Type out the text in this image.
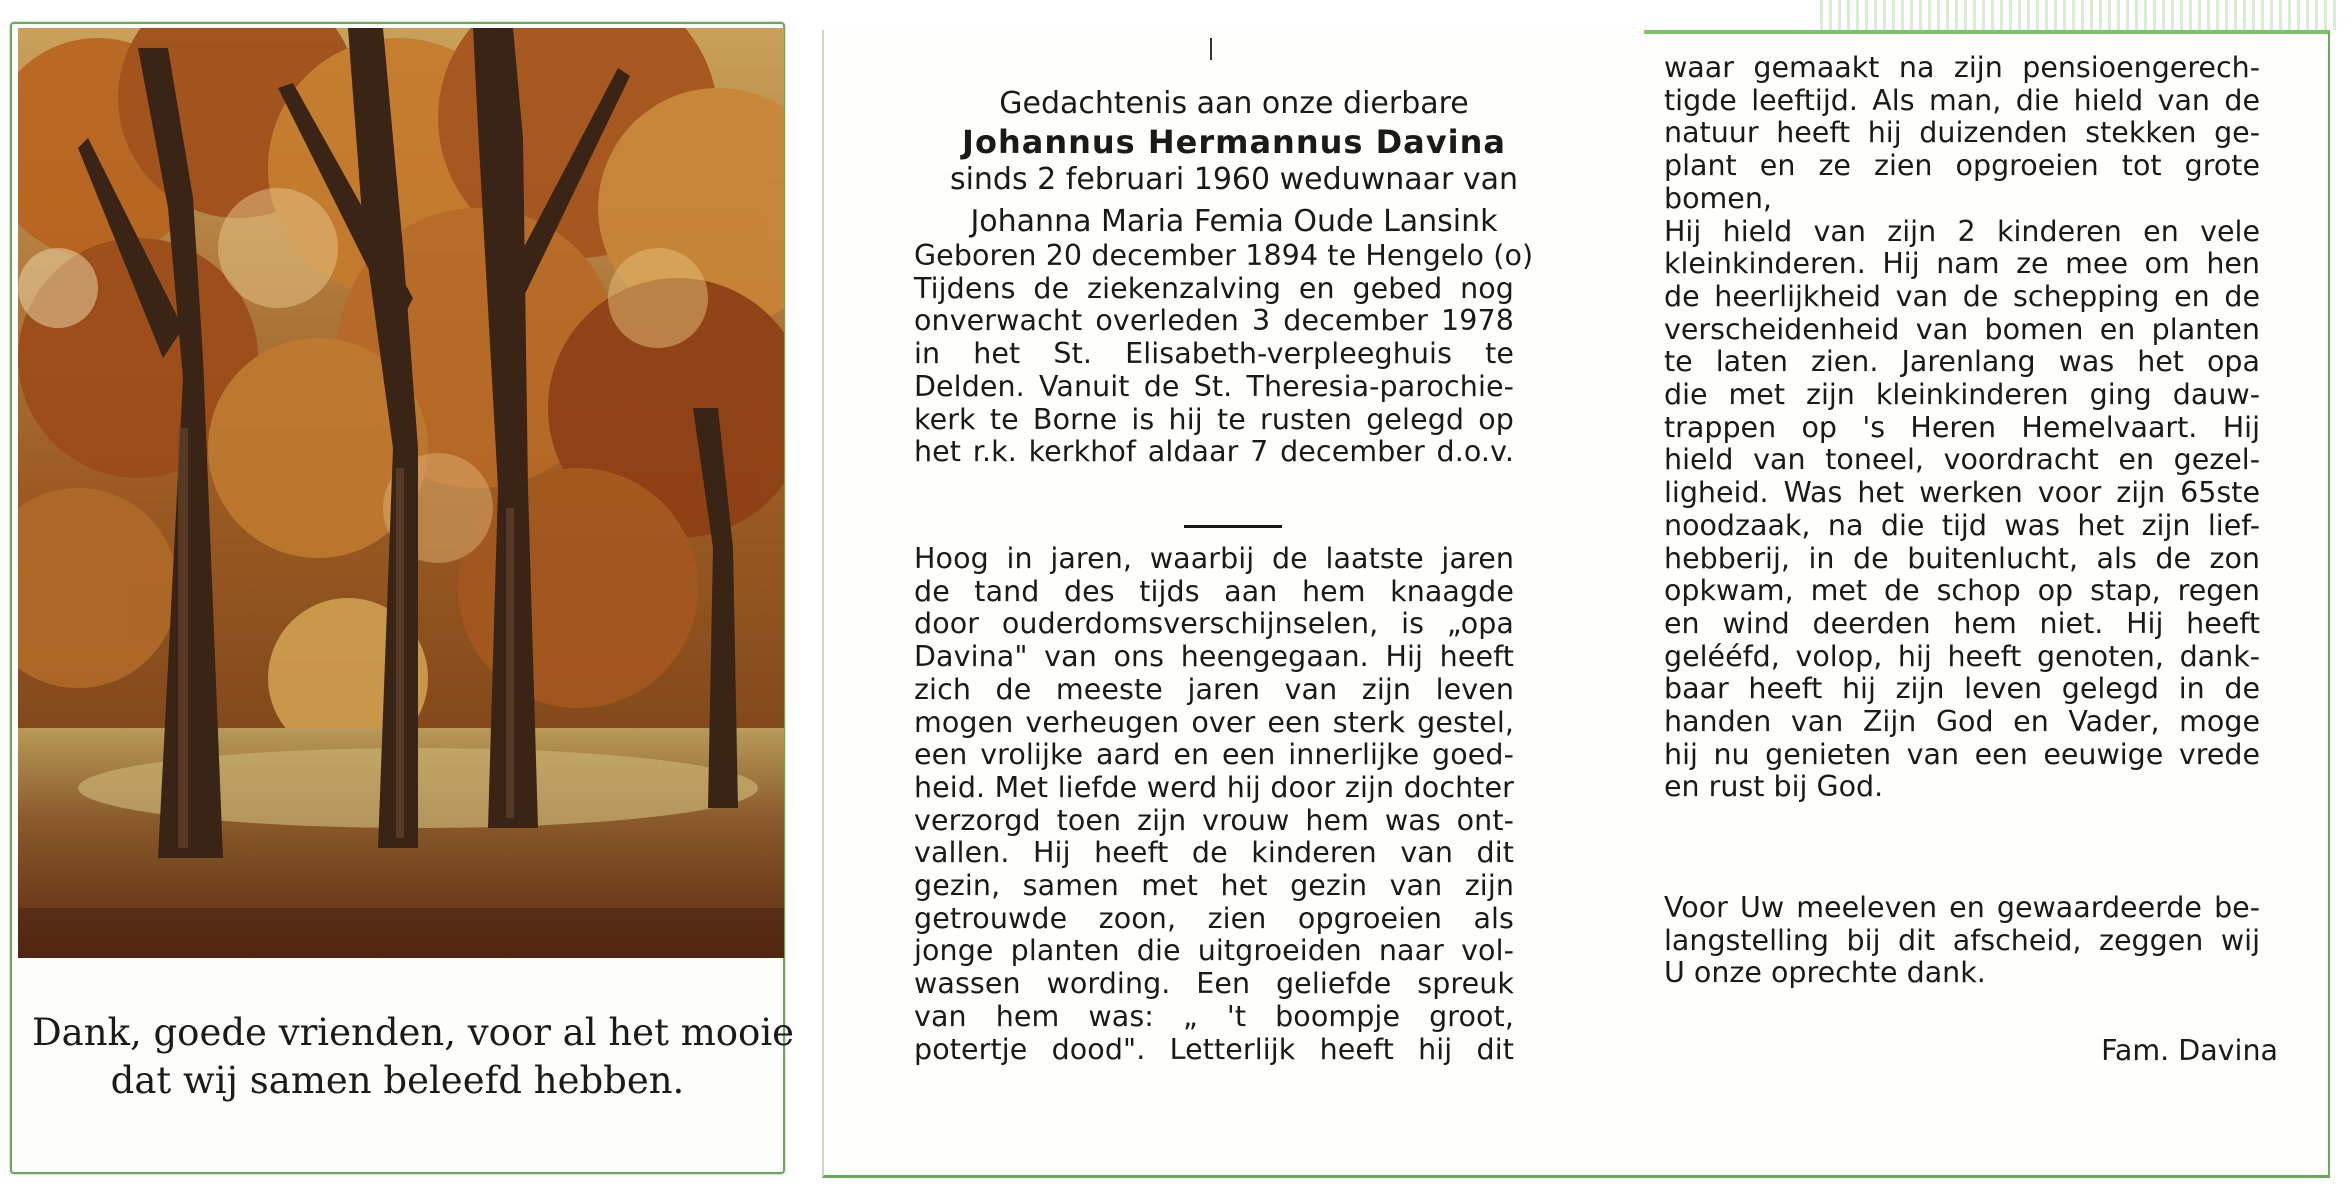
Dank, goede vrienden, voor al het mooie
dat wij samen beleefd hebben.
Gedachtenis aan onze dierbare
Johannus Hermannus Davina
sinds 2 februari 1960 weduwnaar van
Johanna Maria Femia Oude Lansink
Geboren 20 december 1894 te Hengelo (o)
Tijdens de ziekenzalving en gebed nog
onverwacht overleden 3 december 1978
in het St. Elisabeth-verpleeghuis te
Delden. Vanuit de St. Theresia-parochie-
kerk te Borne is hij te rusten gelegd op
het r.k. kerkhof aldaar 7 december d.o.v.
Hoog in jaren, waarbij de laatste jaren
de tand des tijds aan hem knaagde
door ouderdomsverschijnselen, is „opa
Davina" van ons heengegaan. Hij heeft
zich de meeste jaren van zijn leven
mogen verheugen over een sterk gestel,
een vrolijke aard en een innerlijke goed-
heid. Met liefde werd hij door zijn dochter
verzorgd toen zijn vrouw hem was ont-
vallen. Hij heeft de kinderen van dit
gezin, samen met het gezin van zijn
getrouwde zoon, zien opgroeien als
jonge planten die uitgroeiden naar vol-
wassen wording. Een geliefde spreuk
van hem was: „ 't boompje groot,
potertje dood". Letterlijk heeft hij dit
waar gemaakt na zijn pensioengerech-
tigde leeftijd. Als man, die hield van de
natuur heeft hij duizenden stekken ge-
plant en ze zien opgroeien tot grote
bomen,
Hij hield van zijn 2 kinderen en vele
kleinkinderen. Hij nam ze mee om hen
de heerlijkheid van de schepping en de
verscheidenheid van bomen en planten
te laten zien. Jarenlang was het opa
die met zijn kleinkinderen ging dauw-
trappen op 's Heren Hemelvaart. Hij
hield van toneel, voordracht en gezel-
ligheid. Was het werken voor zijn 65ste
noodzaak, na die tijd was het zijn lief-
hebberij, in de buitenlucht, als de zon
opkwam, met de schop op stap, regen
en wind deerden hem niet. Hij heeft
gelééfd, volop, hij heeft genoten, dank-
baar heeft hij zijn leven gelegd in de
handen van Zijn God en Vader, moge
hij nu genieten van een eeuwige vrede
en rust bij God.
Voor Uw meeleven en gewaardeerde be-
langstelling bij dit afscheid, zeggen wij
U onze oprechte dank.
Fam. Davina
